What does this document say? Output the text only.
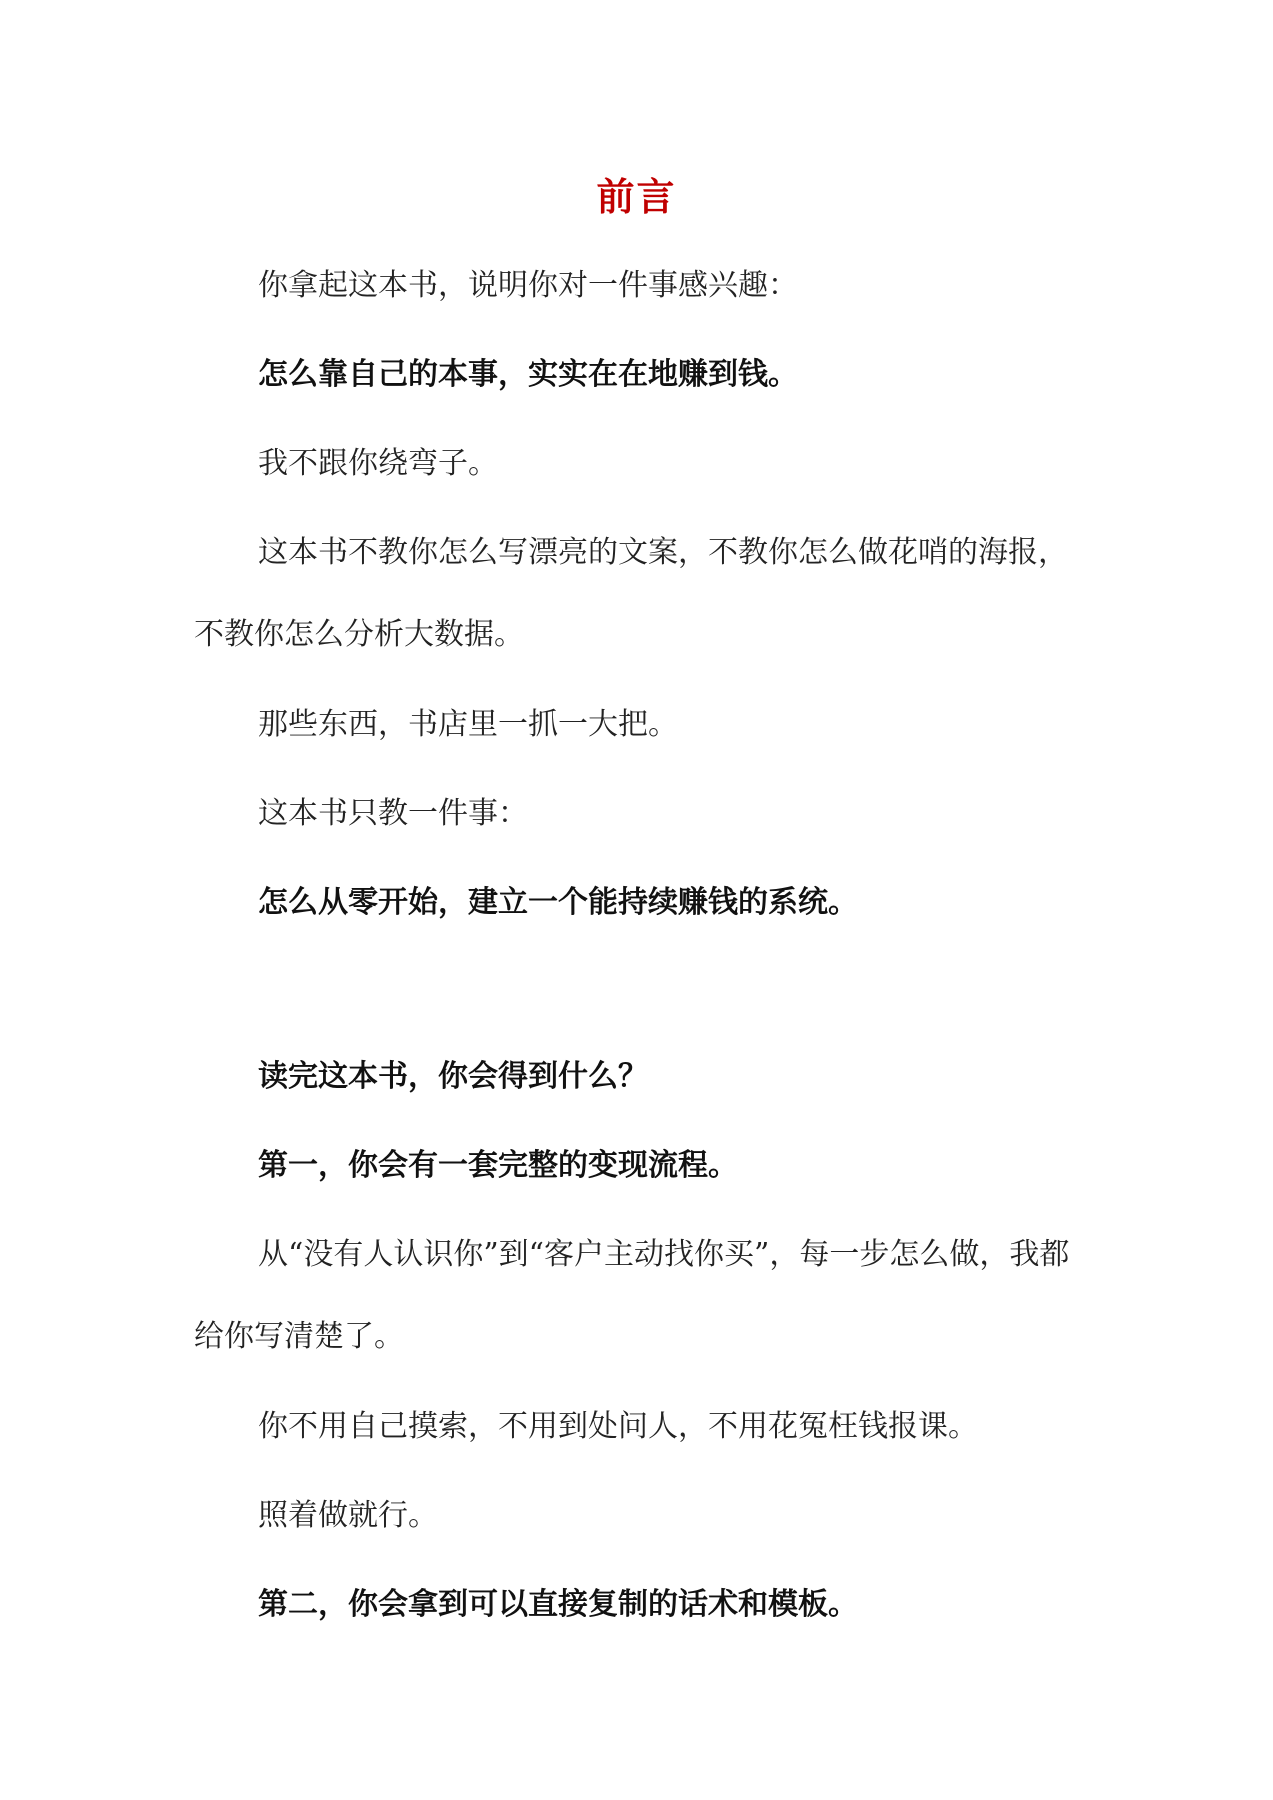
前言

你拿起这本书，说明你对一件事感兴趣：

怎么靠自己的本事，实实在在地赚到钱。

我不跟你绕弯子。

这本书不教你怎么写漂亮的文案，不教你怎么做花哨的海报，不教你怎么分析大数据。

那些东西，书店里一抓一大把。

这本书只教一件事：

怎么从零开始，建立一个能持续赚钱的系统。

读完这本书，你会得到什么？

第一，你会有一套完整的变现流程。

从“没有人认识你”到“客户主动找你买”，每一步怎么做，我都给你写清楚了。

你不用自己摸索，不用到处问人，不用花冤枉钱报课。

照着做就行。

第二，你会拿到可以直接复制的话术和模板。
